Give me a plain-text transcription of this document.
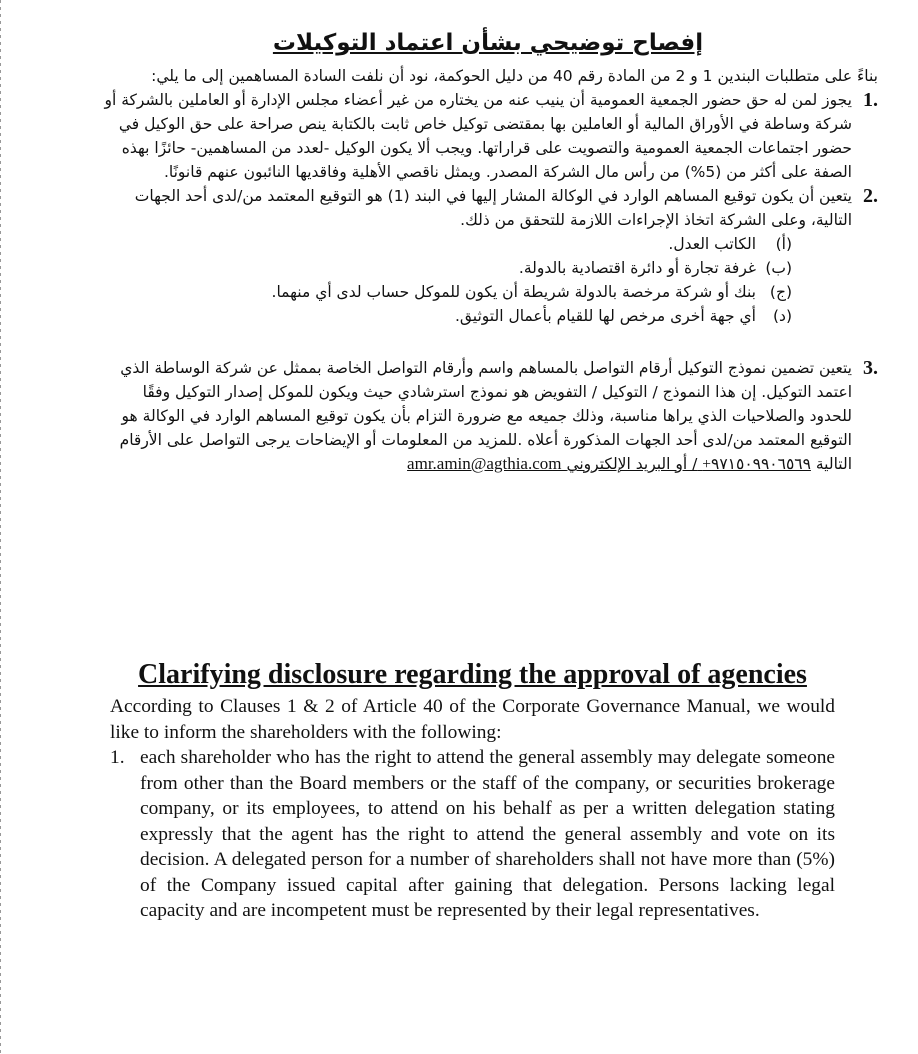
إفصاح توضيحي بشأن اعتماد التوكيلات

بناءً على متطلبات البندين 1 و 2 من المادة رقم 40 من دليل الحوكمة، نود أن نلفت السادة المساهمين إلى ما يلي:

.1

يجوز لمن له حق حضور الجمعية العمومية أن ينيب عنه من يختاره من غير أعضاء مجلس الإدارة أو العاملين بالشركة أو شركة وساطة في الأوراق المالية أو العاملين بها بمقتضى توكيل خاص ثابت بالكتابة ينص صراحة على حق الوكيل في حضور اجتماعات الجمعية العمومية والتصويت على قراراتها. ويجب ألا يكون الوكيل -لعدد من المساهمين- حائزًا بهذه الصفة على أكثر من (5%) من رأس مال الشركة المصدر. ويمثل ناقصي الأهلية وفاقديها النائبون عنهم قانونًا.

.2

يتعين أن يكون توقيع المساهم الوارد في الوكالة المشار إليها في البند (1) هو التوقيع المعتمد من/لدى أحد الجهات التالية، وعلى الشركة اتخاذ الإجراءات اللازمة للتحقق من ذلك.

(أ)الكاتب العدل.
(ب)غرفة تجارة أو دائرة اقتصادية بالدولة.
(ج)بنك أو شركة مرخصة بالدولة شريطة أن يكون للموكل حساب لدى أي منهما.
(د)أي جهة أخرى مرخص لها للقيام بأعمال التوثيق.
.3

يتعين تضمين نموذج التوكيل أرقام التواصل بالمساهم واسم وأرقام التواصل الخاصة بممثل عن شركة الوساطة الذي اعتمد التوكيل. إن هذا النموذج / التوكيل / التفويض هو نموذج استرشادي حيث ويكون للموكل إصدار التوكيل وفقًا للحدود والصلاحيات الذي يراها مناسبة، وذلك جميعه مع ضرورة التزام بأن يكون توقيع المساهم الوارد في الوكالة هو التوقيع المعتمد من/لدى أحد الجهات المذكورة أعلاه .للمزيد من المعلومات أو الإيضاحات يرجى التواصل على الأرقام التالية +٩٧١٥٠٩٩٠٦٥٦٩ / أو البريد الإلكتروني amr.amin@agthia.com

Clarifying disclosure regarding the approval of agencies

According to Clauses 1 & 2 of Article 40 of the Corporate Governance Manual, we would like to inform the shareholders with the following:

1. each shareholder who has the right to attend the general assembly may delegate someone from other than the Board members or the staff of the company, or securities brokerage company, or its employees, to attend on his behalf as per a written delegation stating expressly that the agent has the right to attend the general assembly and vote on its decision. A delegated person for a number of shareholders shall not have more than (5%) of the Company issued capital after gaining that delegation. Persons lacking legal capacity and are incompetent must be represented by their legal representatives.
